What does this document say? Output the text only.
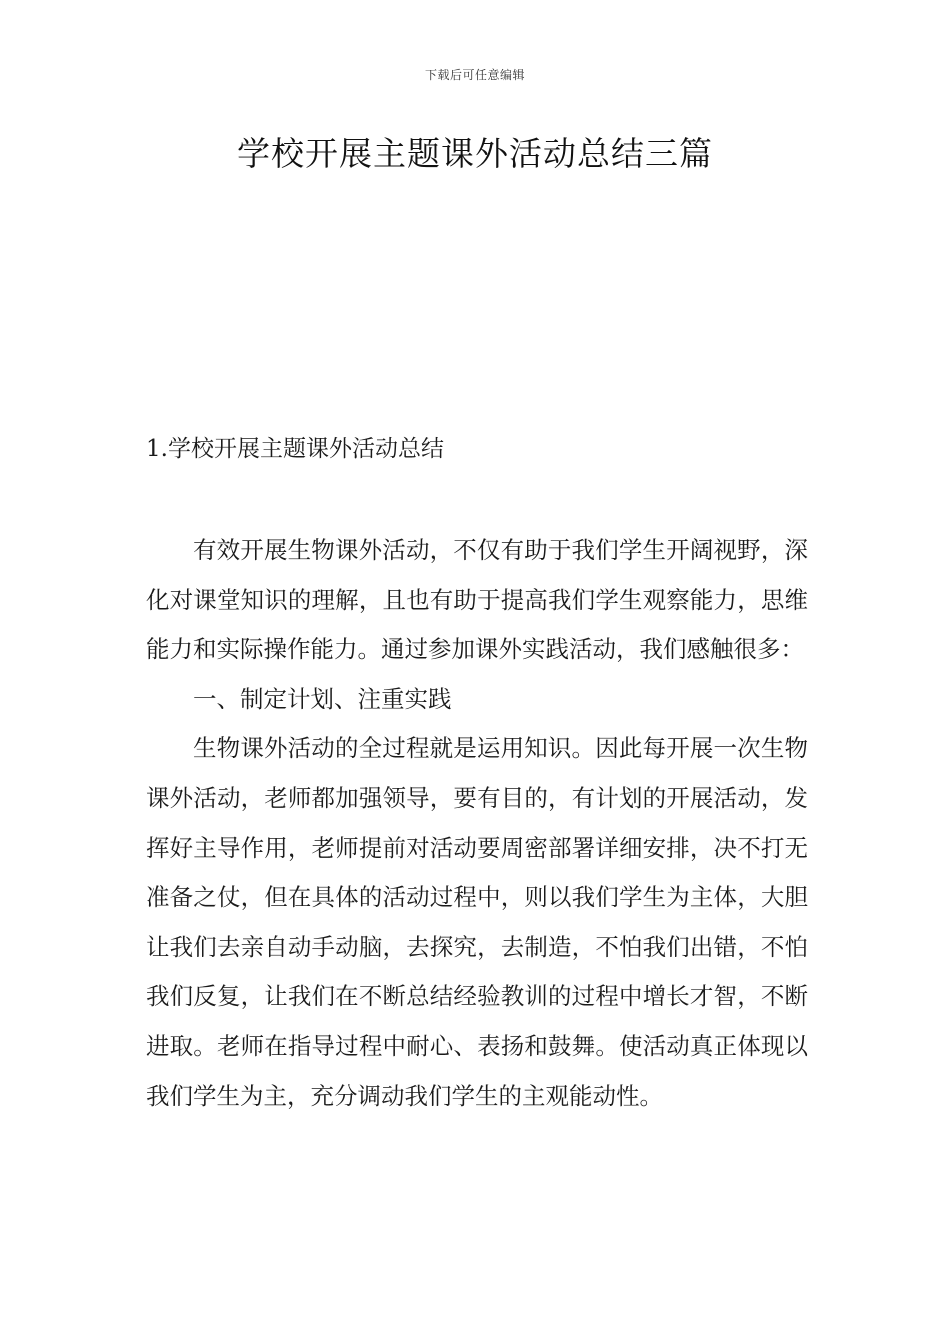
下载后可任意编辑
学校开展主题课外活动总结三篇
1.学校开展主题课外活动总结

有效开展生物课外活动，不仅有助于我们学生开阔视野，深化对课堂知识的理解，且也有助于提高我们学生观察能力，思维能力和实际操作能力。通过参加课外实践活动，我们感触很多：

一、制定计划、注重实践

生物课外活动的全过程就是运用知识。因此每开展一次生物课外活动，老师都加强领导，要有目的，有计划的开展活动，发挥好主导作用，老师提前对活动要周密部署详细安排，决不打无准备之仗，但在具体的活动过程中，则以我们学生为主体，大胆让我们去亲自动手动脑，去探究，去制造，不怕我们出错，不怕我们反复，让我们在不断总结经验教训的过程中增长才智，不断进取。老师在指导过程中耐心、表扬和鼓舞。使活动真正体现以我们学生为主，充分调动我们学生的主观能动性。
